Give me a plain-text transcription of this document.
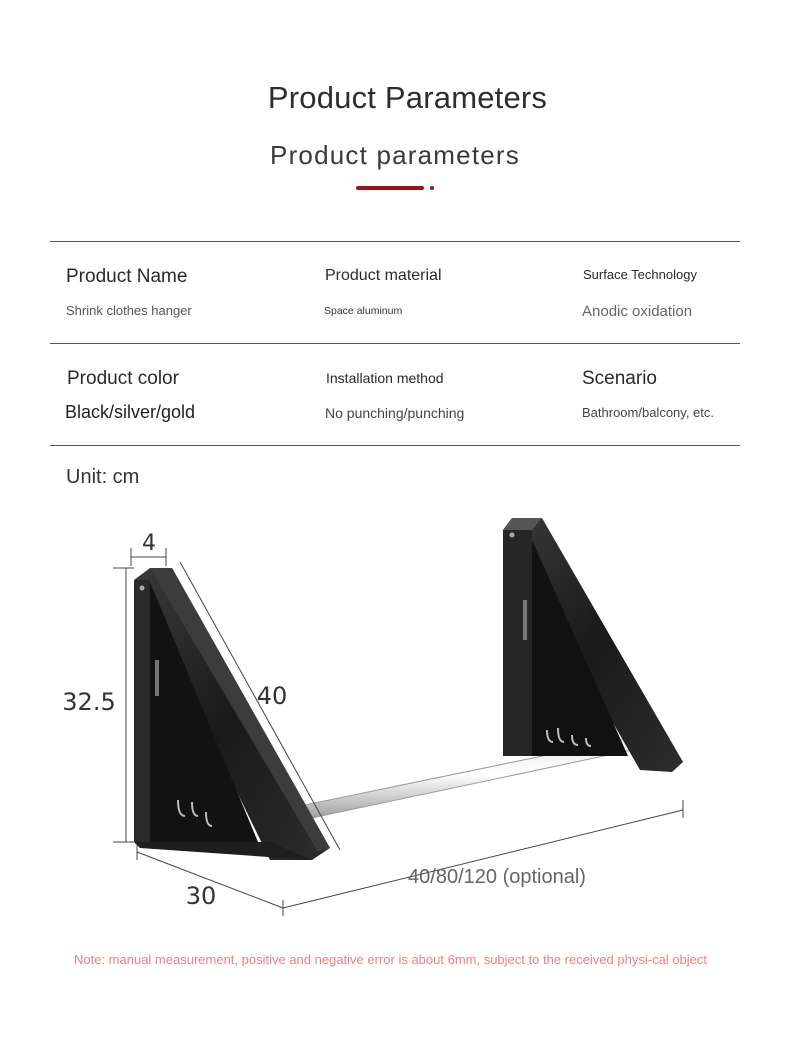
Product Parameters
Product parameters
Product Name
Shrink clothes hanger
Product material
Space aluminum
Surface Technology
Anodic oxidation
Product color
Black/silver/gold
Installation method
No punching/punching
Scenario
Bathroom/balcony, etc.
Unit: cm
4
32.5	40
30
40/80/120 (optional)
Note: manual measurement, positive and negative error is about 6mm, subject to the received physi-cal object
